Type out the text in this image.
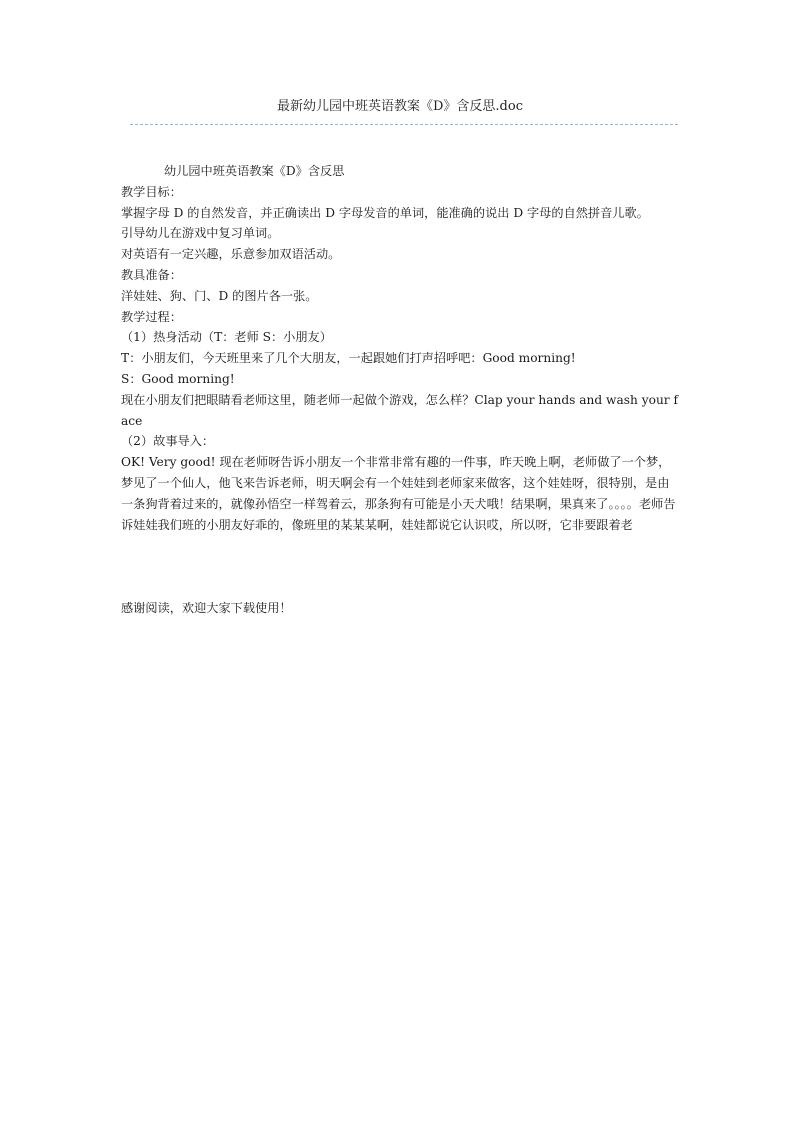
最新幼儿园中班英语教案《D》含反思.doc

幼儿园中班英语教案《D》含反思

教学目标：

掌握字母 D 的自然发音，并正确读出 D 字母发音的单词，能准确的说出 D 字母的自然拼音儿歌。

引导幼儿在游戏中复习单词。

对英语有一定兴趣，乐意参加双语活动。

教具准备：

洋娃娃、狗、门、D 的图片各一张。

教学过程：

（1）热身活动（T：老师 S：小朋友）

T：小朋友们，今天班里来了几个大朋友，一起跟她们打声招呼吧：Good morning!

S：Good morning!

现在小朋友们把眼睛看老师这里，随老师一起做个游戏，怎么样？Clap your hands and wash your face

（2）故事导入：

OK! Very good! 现在老师呀告诉小朋友一个非常非常有趣的一件事，昨天晚上啊，老师做了一个梦，梦见了一个仙人，他飞来告诉老师，明天啊会有一个娃娃到老师家来做客，这个娃娃呀，很特别，是由一条狗背着过来的，就像孙悟空一样驾着云，那条狗有可能是小天犬哦！结果啊，果真来了。。。。老师告诉娃娃我们班的小朋友好乖的，像班里的某某某啊，娃娃都说它认识哎，所以呀，它非要跟着老

感谢阅读，欢迎大家下载使用！
